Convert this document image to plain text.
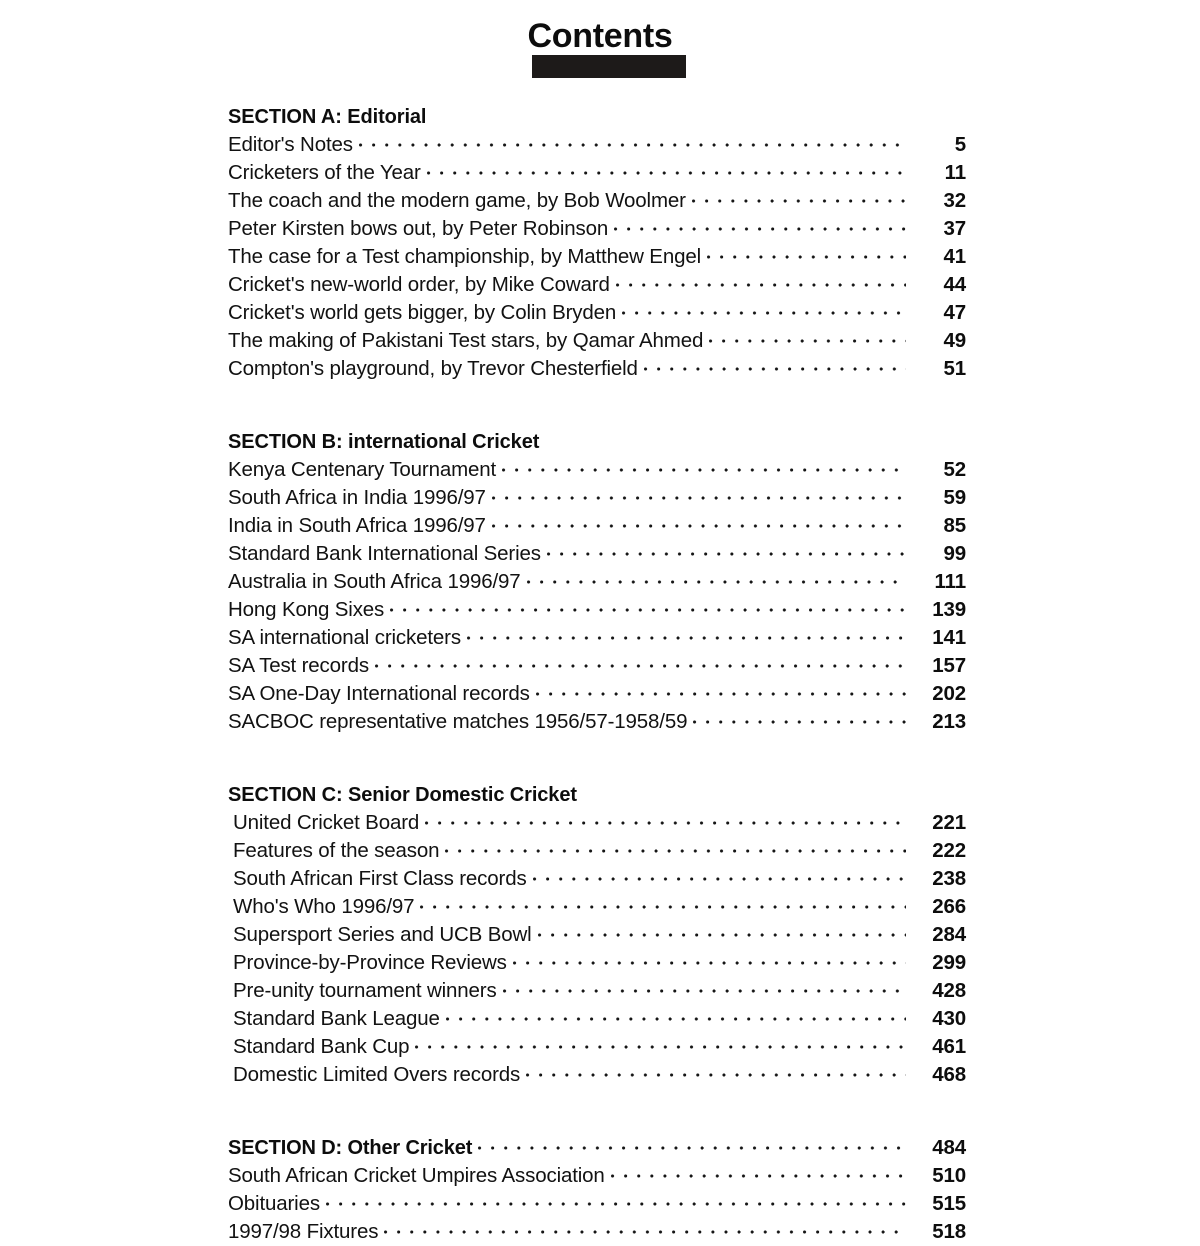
Contents
SECTION A: Editorial
Editor's Notes	5
Cricketers of the Year	11
The coach and the modern game, by Bob Woolmer	32
Peter Kirsten bows out, by Peter Robinson	37
The case for a Test championship, by Matthew Engel	41
Cricket's new-world order, by Mike Coward	44
Cricket's world gets bigger, by Colin Bryden	47
The making of Pakistani Test stars, by Qamar Ahmed	49
Compton's playground, by Trevor Chesterfield	51
SECTION B: international Cricket
Kenya Centenary Tournament	52
South Africa in India 1996/97	59
India in South Africa 1996/97	85
Standard Bank International Series	99
Australia in South Africa 1996/97	111
Hong Kong Sixes	139
SA international cricketers	141
SA Test records	157
SA One-Day International records	202
SACBOC representative matches 1956/57-1958/59	213
SECTION C: Senior Domestic Cricket
United Cricket Board	221
Features of the season	222
South African First Class records	238
Who's Who 1996/97	266
Supersport Series and UCB Bowl	284
Province-by-Province Reviews	299
Pre-unity tournament winners	428
Standard Bank League	430
Standard Bank Cup	461
Domestic Limited Overs records	468
SECTION D: Other Cricket	484
South African Cricket Umpires Association	510
Obituaries	515
1997/98 Fixtures	518
